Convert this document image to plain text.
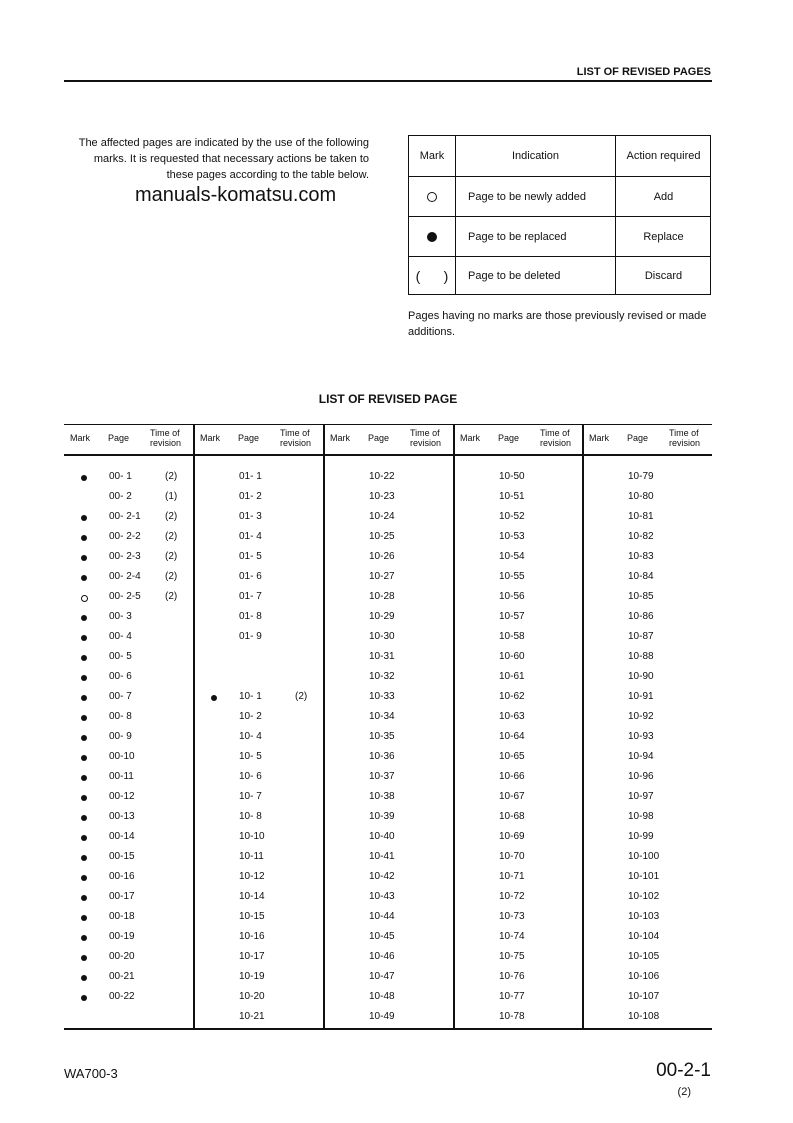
LIST OF REVISED PAGES
The affected pages are indicated by the use of the following marks. It is requested that necessary actions be taken to these pages according to the table below.
manuals-komatsu.com
Mark	Indication	Action required
Page to be newly added	Add
Page to be replaced	Replace
(      )	Page to be deleted	Discard
Pages having no marks are those previously revised or made additions.
LIST OF REVISED PAGE
Mark Page Time of
revision
00- 1	(2)
00- 2	(1)
00- 2-1 (2)
00- 2-2 (2)
00- 2-3 (2)
00- 2-4 (2)
00- 2-5 (2)
00- 3
00- 4
00- 5
00- 6
00- 7
00- 8
00- 9
00-10
00-11
00-12
00-13
00-14
00-15
00-16
00-17
00-18
00-19
00-20
00-21
00-22
Mark Page Time of
revision
01- 1
01- 2
01- 3
01- 4
01- 5
01- 6
01- 7
01- 8
01- 9
10- 1	(2)
10- 2
10- 4
10- 5
10- 6
10- 7
10- 8
10-10
10-11
10-12
10-14
10-15
10-16
10-17
10-19
10-20
10-21
Mark Page Time of
revision
10-22
10-23
10-24
10-25
10-26
10-27
10-28
10-29
10-30
10-31
10-32
10-33
10-34
10-35
10-36
10-37
10-38
10-39
10-40
10-41
10-42
10-43
10-44
10-45
10-46
10-47
10-48
10-49
Mark Page Time of
revision
10-50
10-51
10-52
10-53
10-54
10-55
10-56
10-57
10-58
10-60
10-61
10-62
10-63
10-64
10-65
10-66
10-67
10-68
10-69
10-70
10-71
10-72
10-73
10-74
10-75
10-76
10-77
10-78
Mark Page Time of
revision
10-79
10-80
10-81
10-82
10-83
10-84
10-85
10-86
10-87
10-88
10-90
10-91
10-92
10-93
10-94
10-96
10-97
10-98
10-99
10-100
10-101
10-102
10-103
10-104
10-105
10-106
10-107
10-108
WA700-3	00-2-1
(2)
